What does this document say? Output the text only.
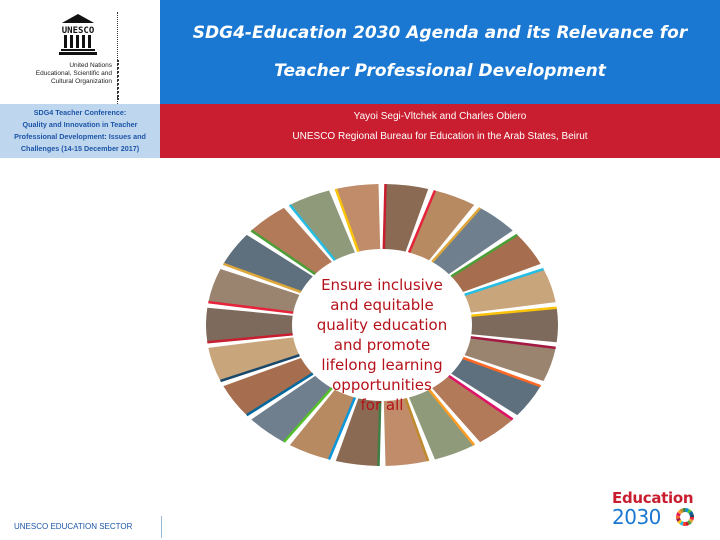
UNESCO
United Nations
Educational, Scientific and
Cultural Organization
SDG4-Education 2030 Agenda and its Relevance for
Teacher Professional Development
SDG4 Teacher Conference:
Quality and Innovation in Teacher
Professional Development: Issues and
Challenges (14-15 December 2017)
Yayoi Segi-Vltchek and Charles Obiero
UNESCO Regional Bureau for Education in the Arab States, Beirut
Ensure inclusive
and equitable
quality education
and promote
lifelong learning
opportunities
for all
UNESCO EDUCATION SECTOR
Education
2030
